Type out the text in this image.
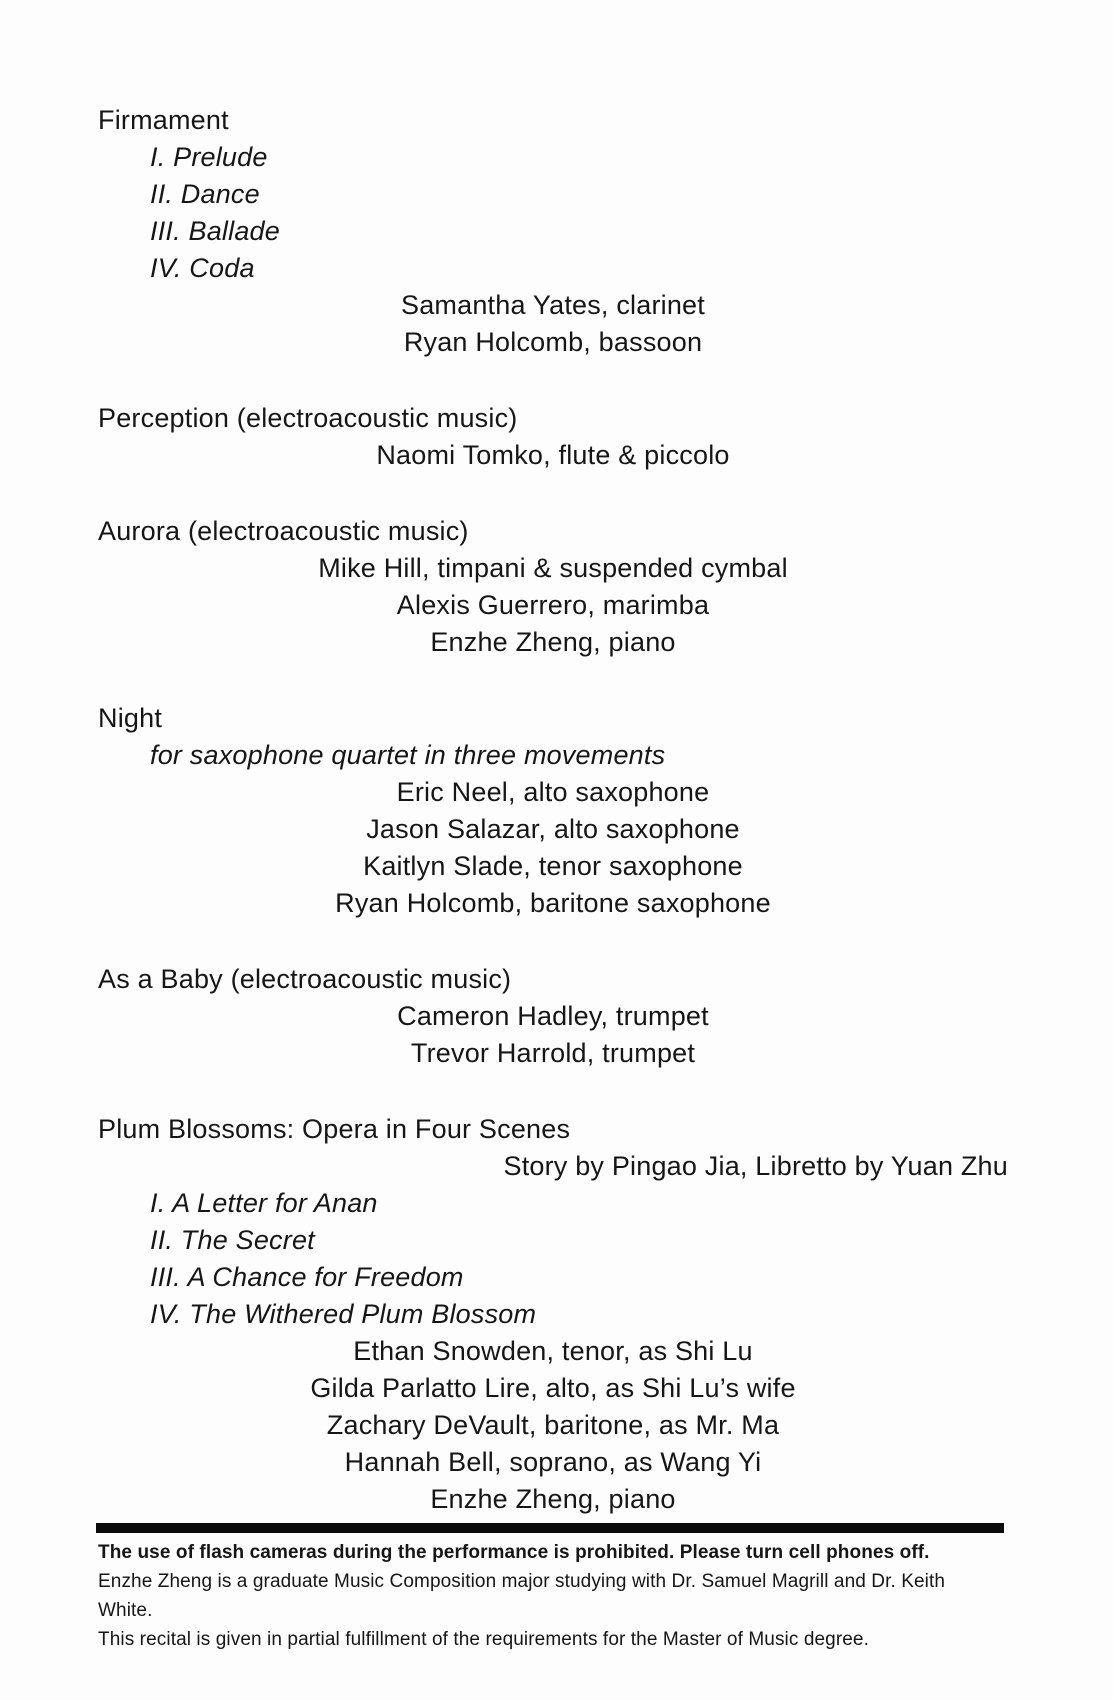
Firmament
I. Prelude
II. Dance
III. Ballade
IV. Coda
Samantha Yates, clarinet
Ryan Holcomb, bassoon
Perception (electroacoustic music)
Naomi Tomko, flute & piccolo
Aurora (electroacoustic music)
Mike Hill, timpani & suspended cymbal
Alexis Guerrero, marimba
Enzhe Zheng, piano
Night
for saxophone quartet in three movements
Eric Neel, alto saxophone
Jason Salazar, alto saxophone
Kaitlyn Slade, tenor saxophone
Ryan Holcomb, baritone saxophone
As a Baby (electroacoustic music)
Cameron Hadley, trumpet
Trevor Harrold, trumpet
Plum Blossoms: Opera in Four Scenes
Story by Pingao Jia, Libretto by Yuan Zhu
I. A Letter for Anan
II. The Secret
III. A Chance for Freedom
IV. The Withered Plum Blossom
Ethan Snowden, tenor, as Shi Lu
Gilda Parlatto Lire, alto, as Shi Lu’s wife
Zachary DeVault, baritone, as Mr. Ma
Hannah Bell, soprano, as Wang Yi
Enzhe Zheng, piano
The use of flash cameras during the performance is prohibited. Please turn cell phones off.
Enzhe Zheng is a graduate Music Composition major studying with Dr. Samuel Magrill and Dr. Keith
White.
This recital is given in partial fulfillment of the requirements for the Master of Music degree.
